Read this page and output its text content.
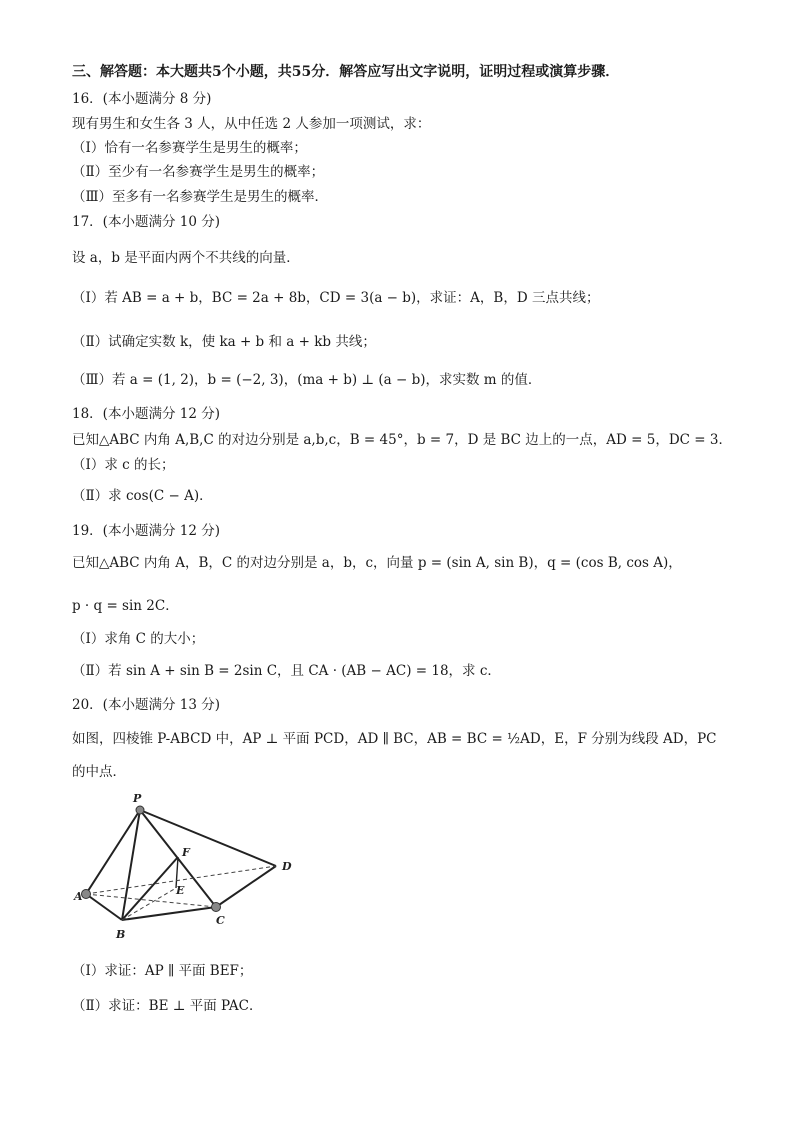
三、解答题：本大题共5个小题，共55分．解答应写出文字说明，证明过程或演算步骤．
16．(本小题满分 8 分)
现有男生和女生各 3 人，从中任选 2 人参加一项测试，求：
（Ⅰ）恰有一名参赛学生是男生的概率；
（Ⅱ）至少有一名参赛学生是男生的概率；
（Ⅲ）至多有一名参赛学生是男生的概率．
17．(本小题满分 10 分)
设 a，b 是平面内两个不共线的向量．
（Ⅰ）若 AB = a + b，BC = 2a + 8b，CD = 3(a − b)，求证：A，B，D 三点共线；
（Ⅱ）试确定实数 k，使 ka + b 和 a + kb 共线；
（Ⅲ）若 a = (1, 2)，b = (−2, 3)，(ma + b) ⊥ (a − b)，求实数 m 的值．
18．(本小题满分 12 分)
已知△ABC 内角 A,B,C 的对边分别是 a,b,c，B = 45°，b = 7，D 是 BC 边上的一点，AD = 5，DC = 3．
（Ⅰ）求 c 的长；
（Ⅱ）求 cos(C − A)．
19．(本小题满分 12 分)
已知△ABC 内角 A，B，C 的对边分别是 a，b，c，向量 p = (sin A, sin B)，q = (cos B, cos A)，
p · q = sin 2C．
（Ⅰ）求角 C 的大小；
（Ⅱ）若 sin A + sin B = 2sin C，且 CA · (AB − AC) = 18，求 c．
20．(本小题满分 13 分)
如图，四棱锥 P-ABCD 中，AP ⊥ 平面 PCD，AD ∥ BC，AB = BC = ½AD，E，F 分别为线段 AD，PC
的中点．
P
F
D
E
A
B
C
（Ⅰ）求证：AP ∥ 平面 BEF；
（Ⅱ）求证：BE ⊥ 平面 PAC．
